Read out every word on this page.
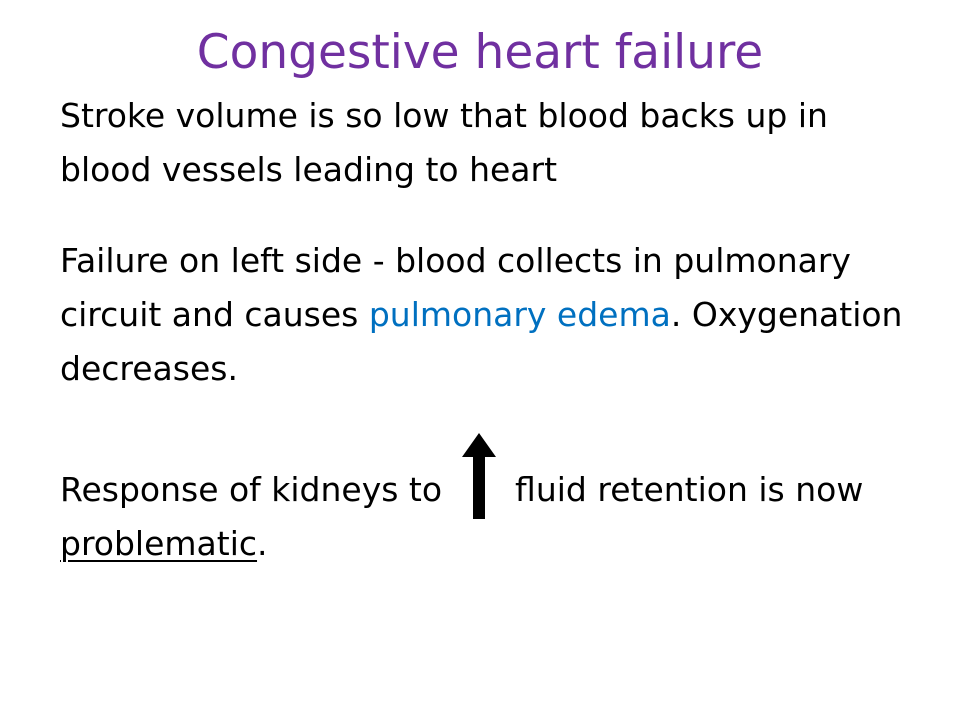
Congestive heart failure
Stroke volume is so low that blood backs up in blood vessels leading to heart
Failure on left side - blood collects in pulmonary circuit and causes pulmonary edema. Oxygenation decreases.
Response of kidneys to
fluid retention is now problematic.
